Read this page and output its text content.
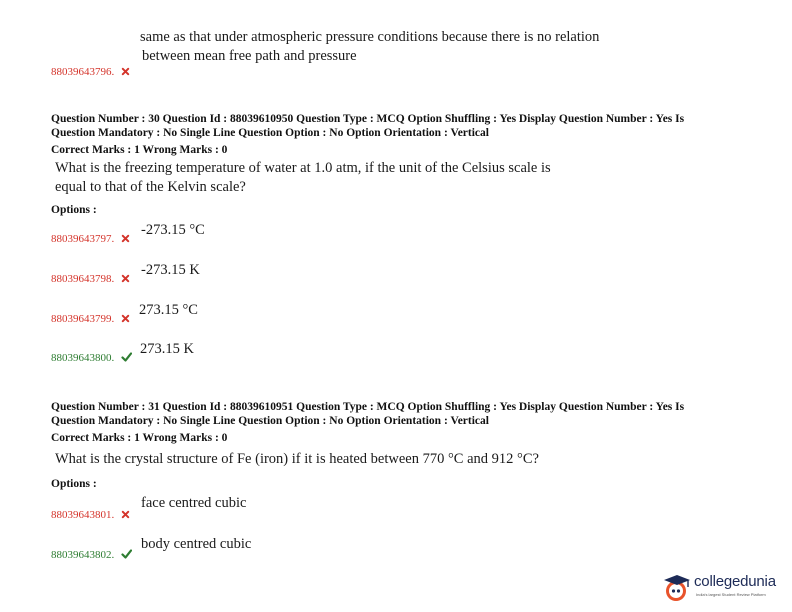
same as that under atmospheric pressure conditions because there is no relation
between mean free path and pressure
88039643796.
Question Number : 30 Question Id : 88039610950 Question Type : MCQ Option Shuffling : Yes Display Question Number : Yes Is
Question Mandatory : No Single Line Question Option : No Option Orientation : Vertical
Correct Marks : 1 Wrong Marks : 0
What is the freezing temperature of water at 1.0 atm, if the unit of the Celsius scale is
equal to that of the Kelvin scale?
Options :
88039643797.
-273.15 °C
88039643798.
-273.15 K
88039643799.
273.15 °C
88039643800.
273.15 K
Question Number : 31 Question Id : 88039610951 Question Type : MCQ Option Shuffling : Yes Display Question Number : Yes Is
Question Mandatory : No Single Line Question Option : No Option Orientation : Vertical
Correct Marks : 1 Wrong Marks : 0
What is the crystal structure of Fe (iron) if it is heated between 770 °C and 912 °C?
Options :
88039643801.
face centred cubic
88039643802.
body centred cubic
collegedunia
India's largest Student Review Platform
